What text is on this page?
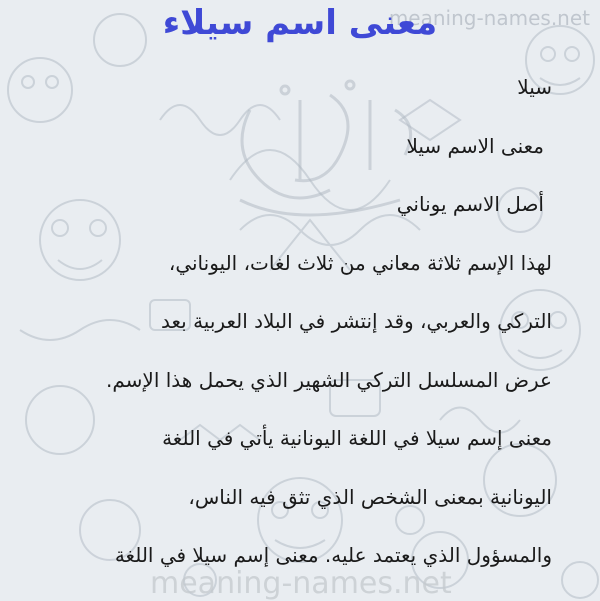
meaning-names.net
معنى اسم سيلاء
سيلا
معنى الاسم سيلا
أصل الاسم يوناني
لهذا الإسم ثلاثة معاني من ثلاث لغات، اليوناني،
التركي والعربي، وقد إنتشر في البلاد العربية بعد
عرض المسلسل التركي الشهير الذي يحمل هذا الإسم.
معنى إسم سيلا في اللغة اليونانية يأتي في اللغة
اليونانية بمعنى الشخص الذي تثق فيه الناس،
والمسؤول الذي يعتمد عليه. معنى إسم سيلا في اللغة
meaning-names.net
